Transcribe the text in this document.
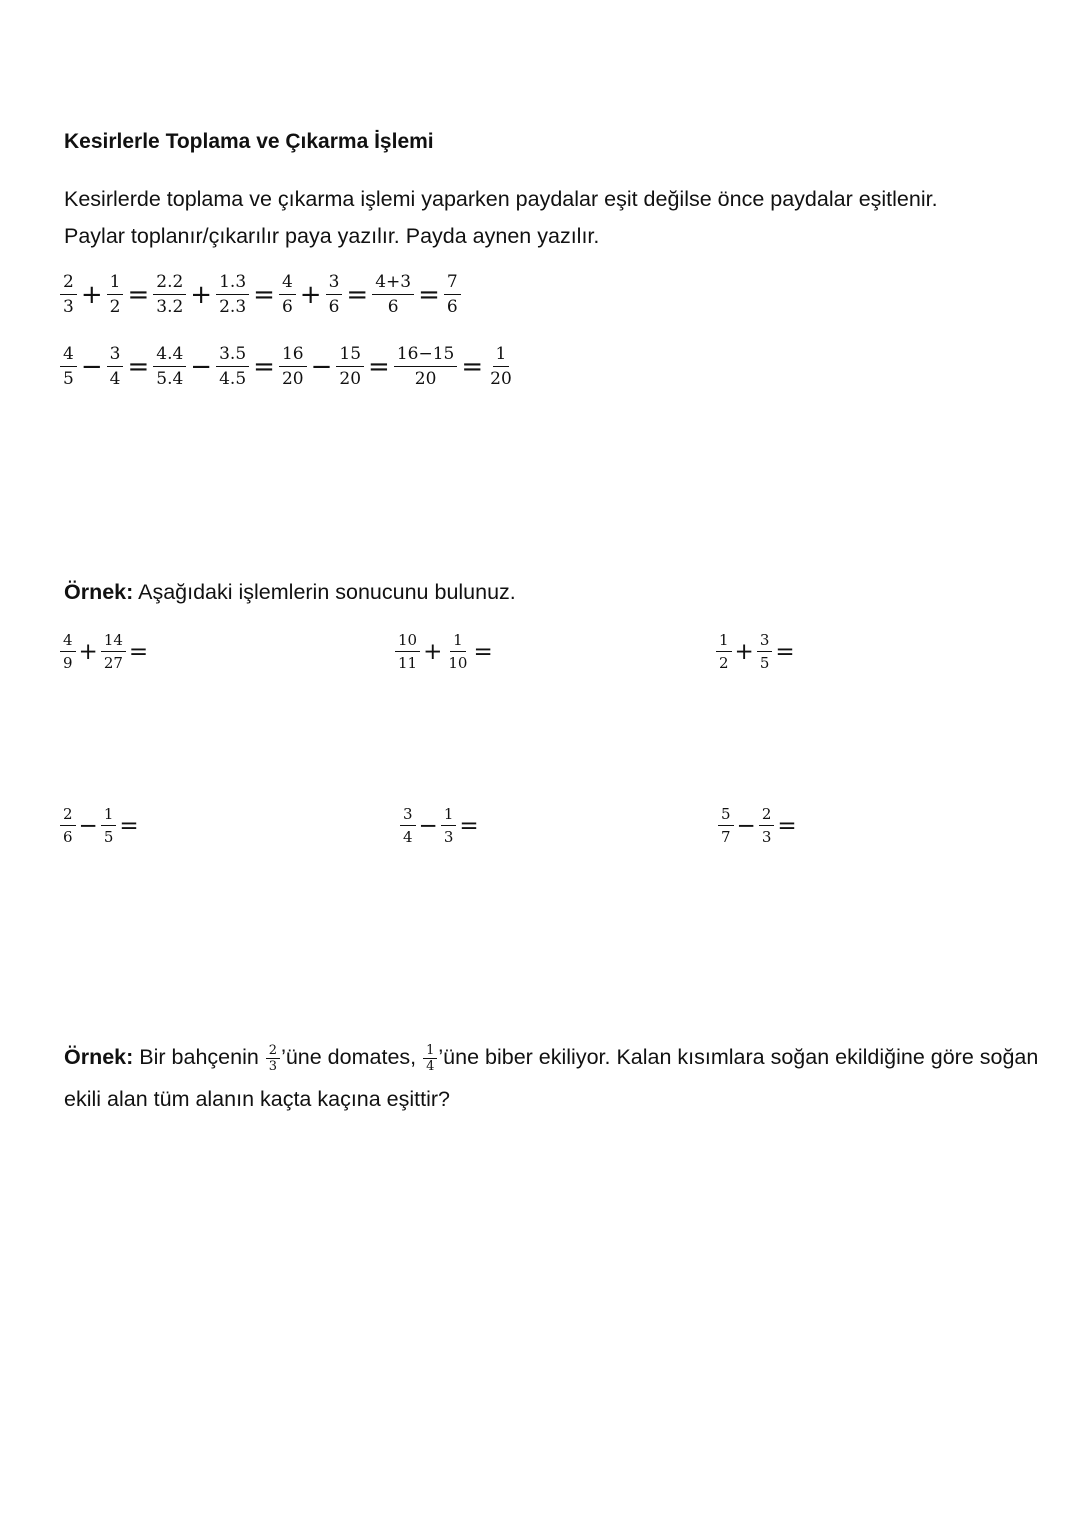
Kesirlerle Toplama ve Çıkarma İşlemi
Kesirlerde toplama ve çıkarma işlemi yaparken paydalar eşit değilse önce paydalar eşitlenir.
Paylar toplanır/çıkarılır paya yazılır. Payda aynen yazılır.
$\frac{2}{3} + \frac{1}{2} = \frac{2.2}{3.2} + \frac{1.3}{2.3} = \frac{4}{6} + \frac{3}{6} = \frac{4+3}{6} = \frac{7}{6}$
$\frac{4}{5} - \frac{3}{4} = \frac{4.4}{5.4} - \frac{3.5}{4.5} = \frac{16}{20} - \frac{15}{20} = \frac{16-15}{20} = \frac{1}{20}$
Örnek: Aşağıdaki işlemlerin sonucunu bulunuz.
$\frac{4}{9} + \frac{14}{27}$ =	$\frac{10}{11} + \frac{1}{10}$ =	$\frac{1}{2} + \frac{3}{5}$ =
$\frac{2}{6} - \frac{1}{5}$ =	$\frac{3}{4} - \frac{1}{3}$ =	$\frac{5}{7} - \frac{2}{3}$ =
Örnek: Bir bahçenin $\frac{2}{3}$ ’üne domates, $\frac{1}{4}$ ’üne biber ekiliyor. Kalan kısımlara soğan ekildiğine göre soğan ekili alan tüm alanın kaçta kaçına eşittir?
